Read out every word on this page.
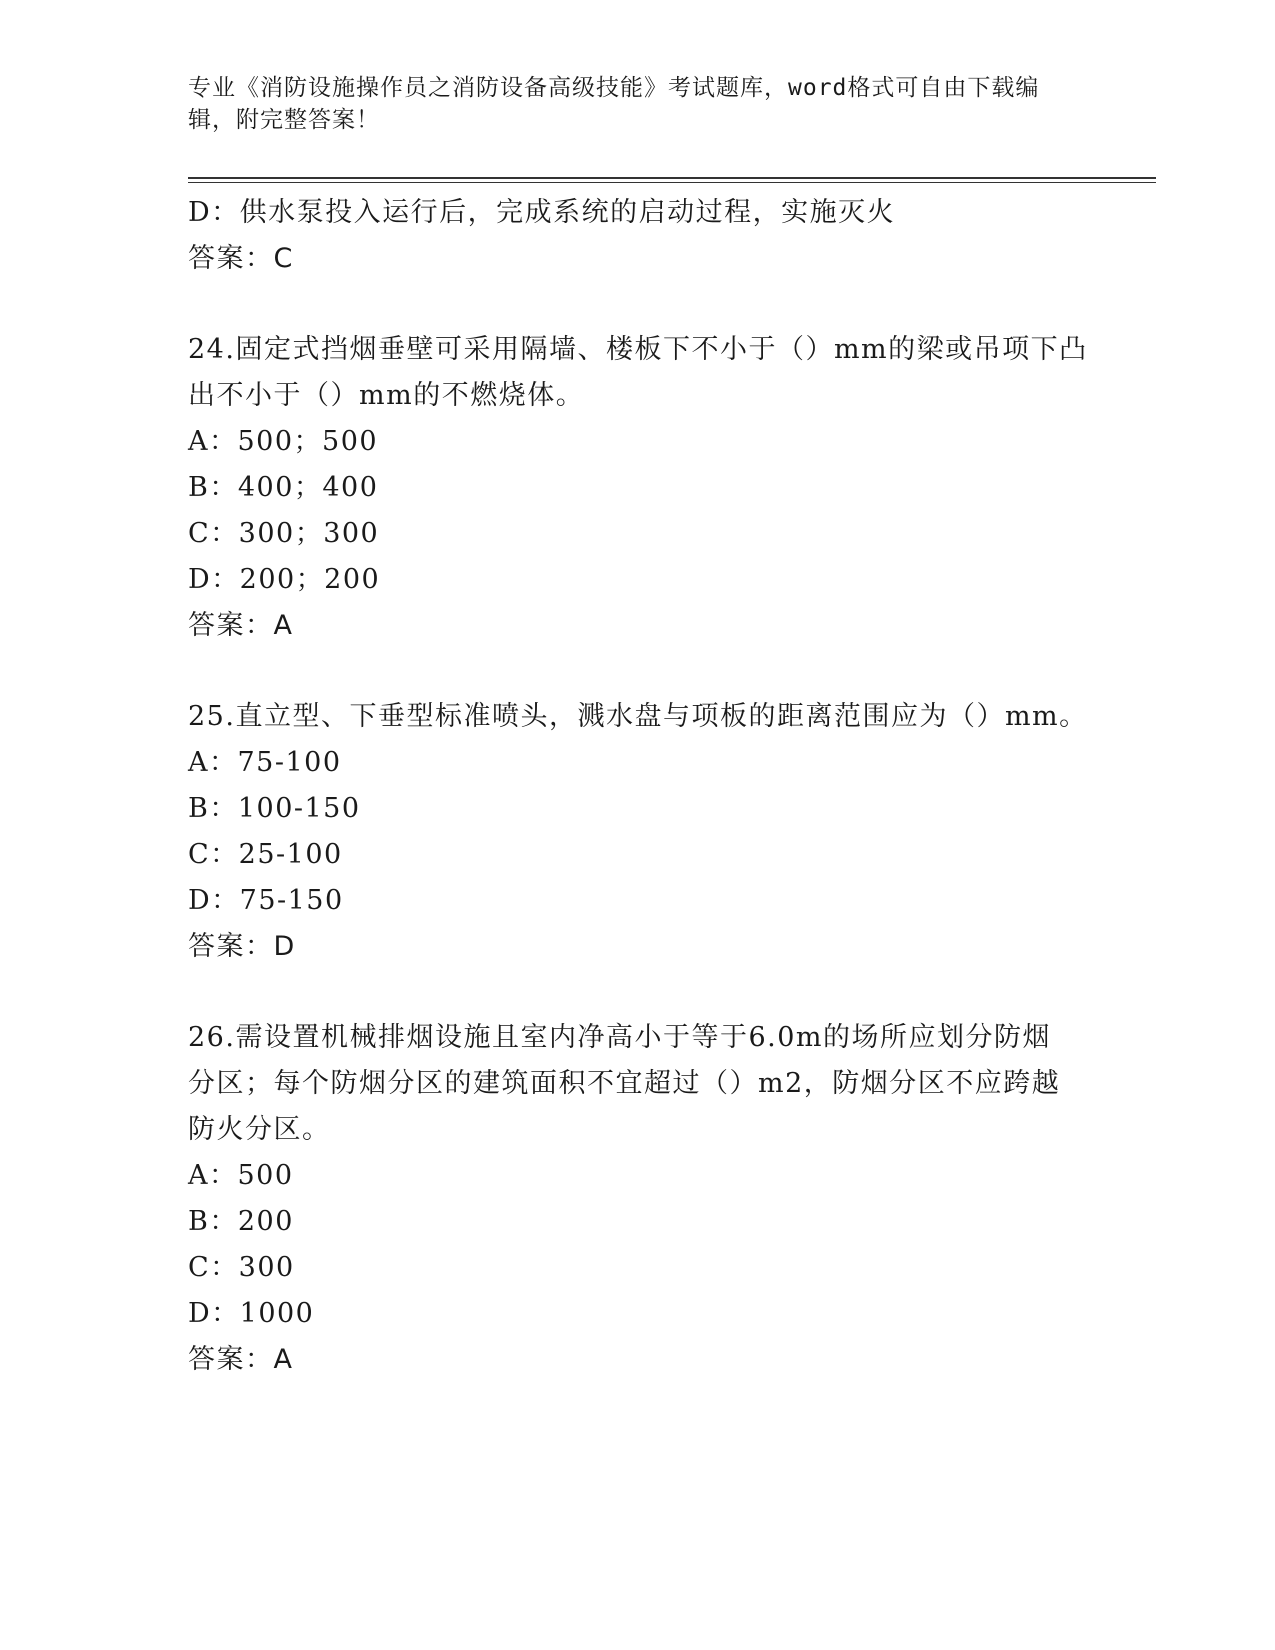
专业《消防设施操作员之消防设备高级技能》考试题库，word格式可自由下载编
辑，附完整答案！
D：供水泵投入运行后，完成系统的启动过程，实施灭火
答案：C
24.固定式挡烟垂壁可采用隔墙、楼板下不小于（）mm的梁或吊项下凸
出不小于（）mm的不燃烧体。
A：500；500
B：400；400
C：300；300
D：200；200
答案：A
25.直立型、下垂型标准喷头，溅水盘与项板的距离范围应为（）mm。
A：75-100
B：100-150
C：25-100
D：75-150
答案：D
26.需设置机械排烟设施且室内净高小于等于6.0m的场所应划分防烟
分区；每个防烟分区的建筑面积不宜超过（）m2，防烟分区不应跨越
防火分区。
A：500
B：200
C：300
D：1000
答案：A
